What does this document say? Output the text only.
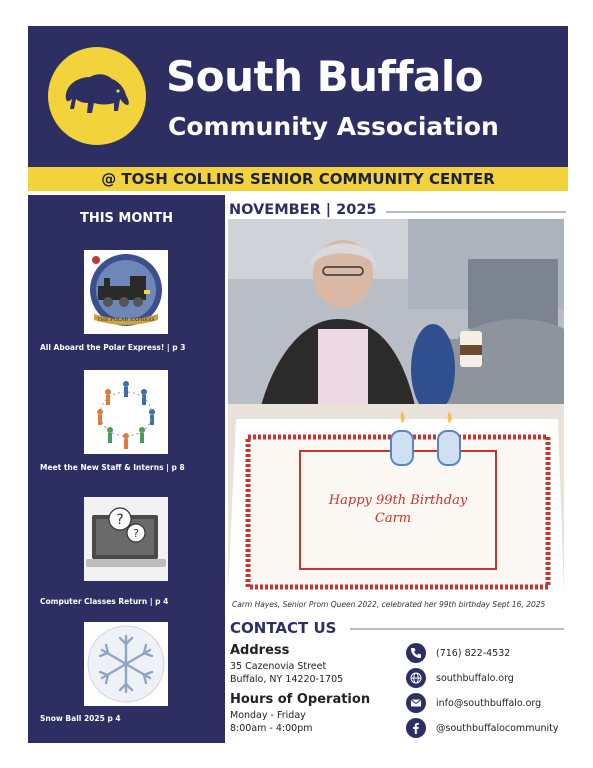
South Buffalo
Community Association
@ TOSH COLLINS SENIOR COMMUNITY CENTER
THIS MONTH
THE POLAR EXPRESS
All Aboard the Polar Express! | p 3
Meet the New Staff & Interns | p 8
?
?
Computer Classes Return | p 4
Snow Ball 2025 p 4
NOVEMBER | 2025
Happy 99th Birthday
Carm
Carm Hayes, Senior Prom Queen 2022, celebrated her 99th birthday Sept 16, 2025
CONTACT US
Address
35 Cazenovia Street
Buffalo, NY 14220-1705
Hours of Operation
Monday - Friday
8:00am - 4:00pm
(716) 822-4532
southbuffalo.org
info@southbuffalo.org
@southbuffalocommunity
